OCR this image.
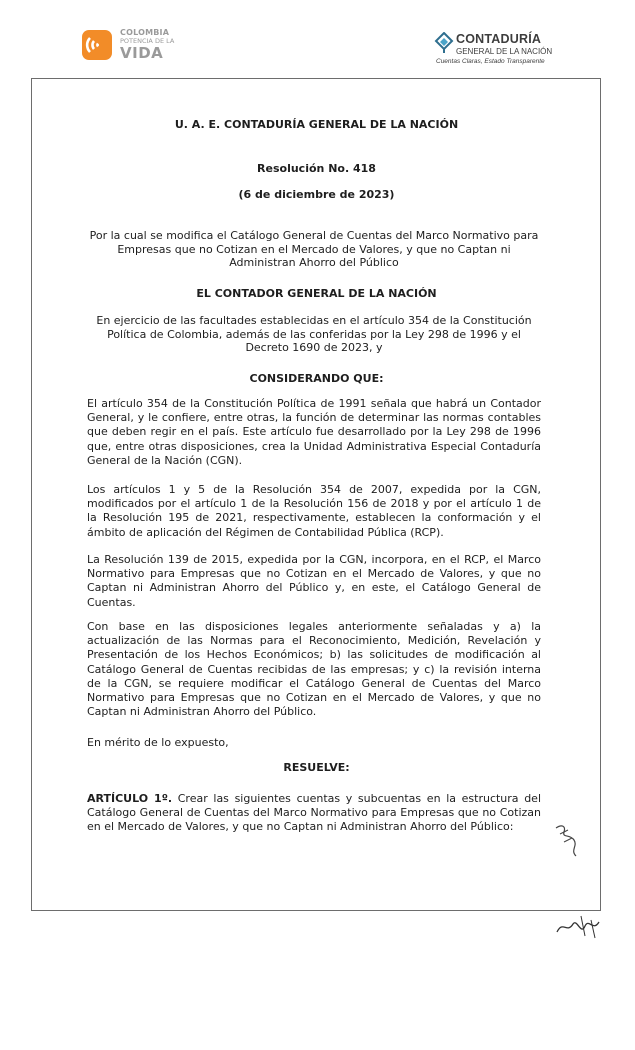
COLOMBIA
POTENCIA DE LA
VIDA
CONTADURÍA
GENERAL DE LA NACIÓN
Cuentas Claras, Estado Transparente
U. A. E. CONTADURÍA GENERAL DE LA NACIÓN
Resolución No. 418
(6 de diciembre de 2023)
Por la cual se modifica el Catálogo General de Cuentas del Marco Normativo para Empresas que no Cotizan en el Mercado de Valores, y que no Captan ni Administran Ahorro del Público
EL CONTADOR GENERAL DE LA NACIÓN
En ejercicio de las facultades establecidas en el artículo 354 de la Constitución Política de Colombia, además de las conferidas por la Ley 298 de 1996 y el Decreto 1690 de 2023, y
CONSIDERANDO QUE:
El artículo 354 de la Constitución Política de 1991 señala que habrá un Contador General, y le confiere, entre otras, la función de determinar las normas contables que deben regir en el país. Este artículo fue desarrollado por la Ley 298 de 1996 que, entre otras disposiciones, crea la Unidad Administrativa Especial Contaduría General de la Nación (CGN).
Los artículos 1 y 5 de la Resolución 354 de 2007, expedida por la CGN, modificados por el artículo 1 de la Resolución 156 de 2018 y por el artículo 1 de la Resolución 195 de 2021, respectivamente, establecen la conformación y el ámbito de aplicación del Régimen de Contabilidad Pública (RCP).
La Resolución 139 de 2015, expedida por la CGN, incorpora, en el RCP, el Marco Normativo para Empresas que no Cotizan en el Mercado de Valores, y que no Captan ni Administran Ahorro del Público y, en este, el Catálogo General de Cuentas.
Con base en las disposiciones legales anteriormente señaladas y a) la actualización de las Normas para el Reconocimiento, Medición, Revelación y Presentación de los Hechos Económicos; b) las solicitudes de modificación al Catálogo General de Cuentas recibidas de las empresas; y c) la revisión interna de la CGN, se requiere modificar el Catálogo General de Cuentas del Marco Normativo para Empresas que no Cotizan en el Mercado de Valores, y que no Captan ni Administran Ahorro del Público.
En mérito de lo expuesto,
RESUELVE:
ARTÍCULO 1º. Crear las siguientes cuentas y subcuentas en la estructura del Catálogo General de Cuentas del Marco Normativo para Empresas que no Cotizan en el Mercado de Valores, y que no Captan ni Administran Ahorro del Público:
